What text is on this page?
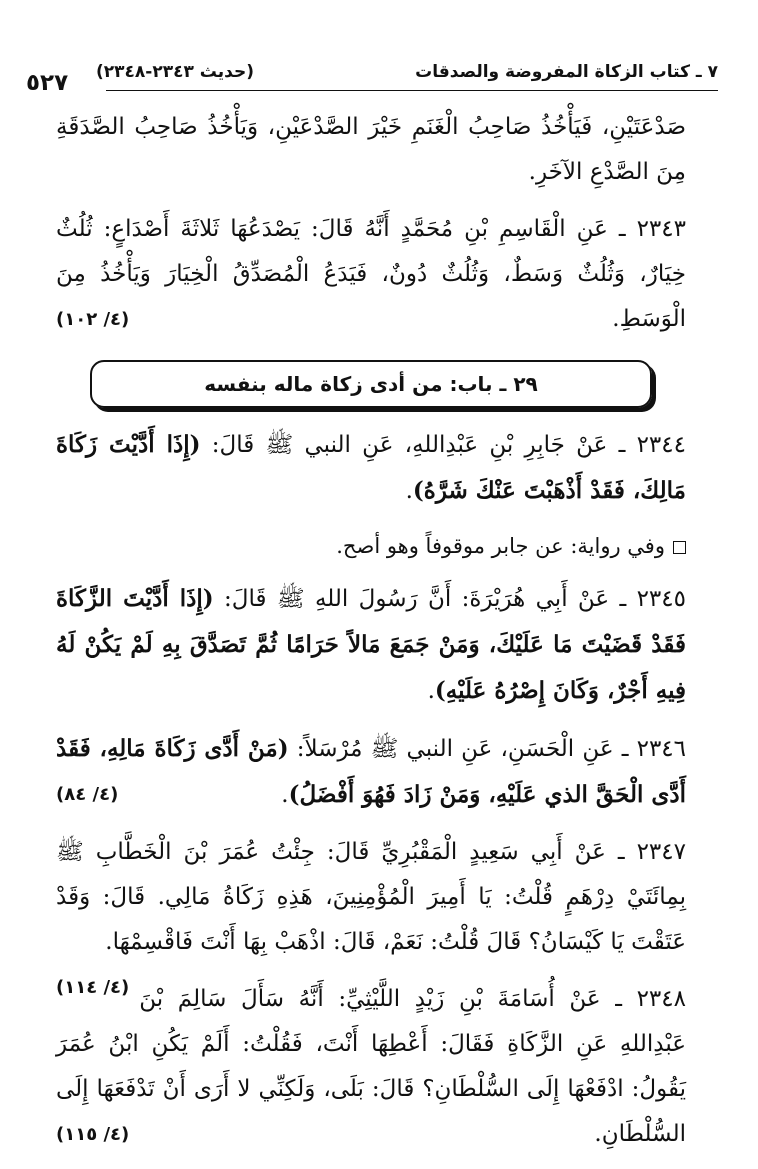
٧ ـ كتاب الزكاة المفروضة والصدقات
(حديث ٢٣٤٣-٢٣٤٨)
٥٢٧

صَدْعَتَيْنِ، فَيَأْخُذُ صَاحِبُ الْغَنَمِ خَيْرَ الصَّدْعَيْنِ، وَيَأْخُذُ صَاحِبُ الصَّدَقَةِ مِنَ الصَّدْعِ الآخَرِ.

٢٣٤٣ ـ عَنِ الْقَاسِمِ بْنِ مُحَمَّدٍ أَنَّهُ قَالَ: يَصْدَعُهَا ثَلاثَةَ أَصْدَاعٍ: ثُلُثٌ خِيَارٌ، وَثُلُثٌ وَسَطٌ، وَثُلُثٌ دُونٌ، فَيَدَعُ الْمُصَدِّقُ الْخِيَارَ وَيَأْخُذُ مِنَ الْوَسَطِ.
(٤/ ١٠٢)

٢٩ ـ باب: من أدى زكاة ماله بنفسه

٢٣٤٤ ـ عَنْ جَابِرِ بْنِ عَبْدِاللهِ، عَنِ النبي ﷺ قَالَ: (إِذَا أَدَّيْتَ زَكَاةَ مَالِكَ، فَقَدْ أَذْهَبْتَ عَنْكَ شَرَّهُ).

وفي رواية: عن جابر موقوفاً وهو أصح.

٢٣٤٥ ـ عَنْ أَبِي هُرَيْرَةَ: أَنَّ رَسُولَ اللهِ ﷺ قَالَ: (إِذَا أَدَّيْتَ الزَّكَاةَ فَقَدْ قَضَيْتَ مَا عَلَيْكَ، وَمَنْ جَمَعَ مَالاً حَرَامًا ثُمَّ تَصَدَّقَ بِهِ لَمْ يَكُنْ لَهُ فِيهِ أَجْرٌ، وَكَانَ إِصْرُهُ عَلَيْهِ).

٢٣٤٦ ـ عَنِ الْحَسَنِ، عَنِ النبي ﷺ مُرْسَلاً: (مَنْ أَدَّى زَكَاةَ مَالِهِ، فَقَدْ أَدَّى الْحَقَّ الذي عَلَيْهِ، وَمَنْ زَادَ فَهُوَ أَفْضَلُ).
(٤/ ٨٤)

٢٣٤٧ ـ عَنْ أَبِي سَعِيدٍ الْمَقْبُرِيِّ قَالَ: جِئْتُ عُمَرَ بْنَ الْخَطَّابِ ﷺ بِمِائَتَيْ دِرْهَمٍ قُلْتُ: يَا أَمِيرَ الْمُؤْمِنِينَ، هَذِهِ زَكَاةُ مَالِي. قَالَ: وَقَدْ عَتَقْتَ يَا كَيْسَانُ؟ قَالَ قُلْتُ: نَعَمْ، قَالَ: اذْهَبْ بِهَا أَنْتَ فَاقْسِمْهَا.
(٤/ ١١٤) ٢٣٤٨ ـ عَنْ أُسَامَةَ بْنِ زَيْدٍ اللَّيْثِيِّ: أَنَّهُ سَأَلَ سَالِمَ بْنَ عَبْدِاللهِ عَنِ الزَّكَاةِ فَقَالَ: أَعْطِهَا أَنْتَ، فَقُلْتُ: أَلَمْ يَكُنِ ابْنُ عُمَرَ يَقُولُ: ادْفَعْهَا إِلَى السُّلْطَانِ؟ قَالَ: بَلَى، وَلَكِنِّي لا أَرَى أَنْ تَدْفَعَهَا إِلَى السُّلْطَانِ.
(٤/ ١١٥)
